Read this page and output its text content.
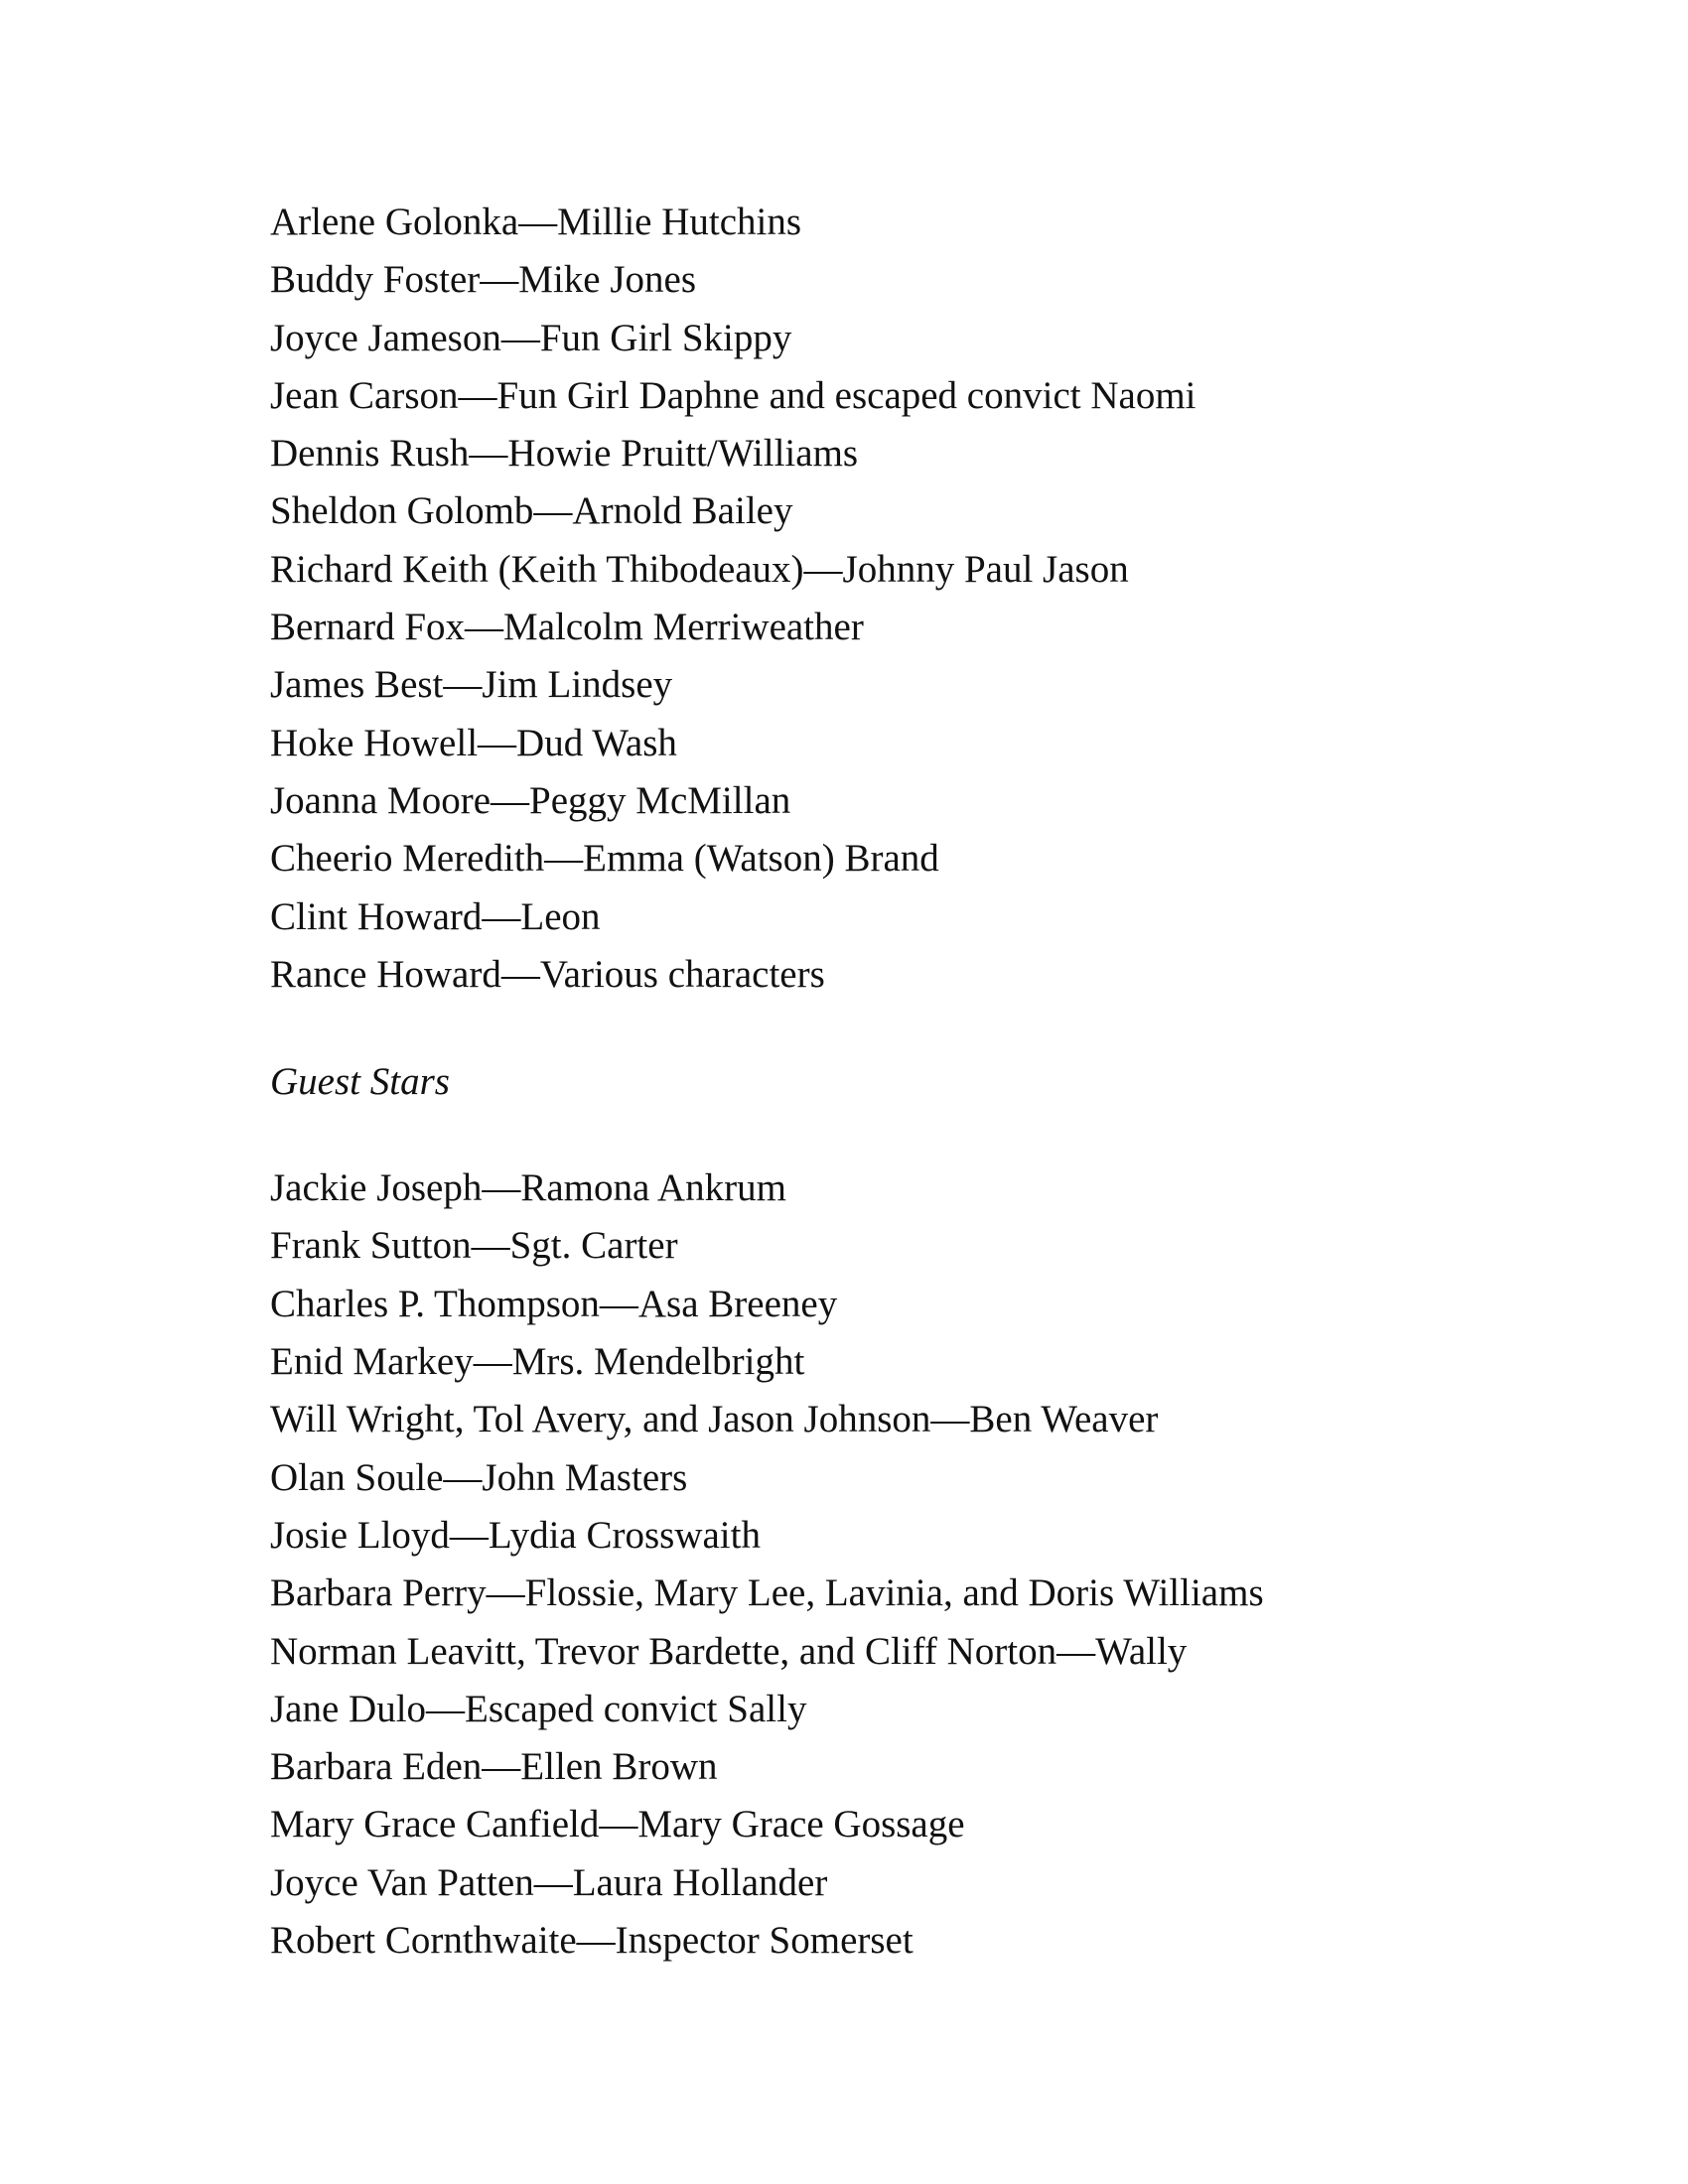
Arlene Golonka—Millie Hutchins
Buddy Foster—Mike Jones
Joyce Jameson—Fun Girl Skippy
Jean Carson—Fun Girl Daphne and escaped convict Naomi
Dennis Rush—Howie Pruitt/Williams
Sheldon Golomb—Arnold Bailey
Richard Keith (Keith Thibodeaux)—Johnny Paul Jason
Bernard Fox—Malcolm Merriweather
James Best—Jim Lindsey
Hoke Howell—Dud Wash
Joanna Moore—Peggy McMillan
Cheerio Meredith—Emma (Watson) Brand
Clint Howard—Leon
Rance Howard—Various characters
Guest Stars
Jackie Joseph—Ramona Ankrum
Frank Sutton—Sgt. Carter
Charles P. Thompson—Asa Breeney
Enid Markey—Mrs. Mendelbright
Will Wright, Tol Avery, and Jason Johnson—Ben Weaver
Olan Soule—John Masters
Josie Lloyd—Lydia Crosswaith
Barbara Perry—Flossie, Mary Lee, Lavinia, and Doris Williams
Norman Leavitt, Trevor Bardette, and Cliff Norton—Wally
Jane Dulo—Escaped convict Sally
Barbara Eden—Ellen Brown
Mary Grace Canfield—Mary Grace Gossage
Joyce Van Patten—Laura Hollander
Robert Cornthwaite—Inspector Somerset
